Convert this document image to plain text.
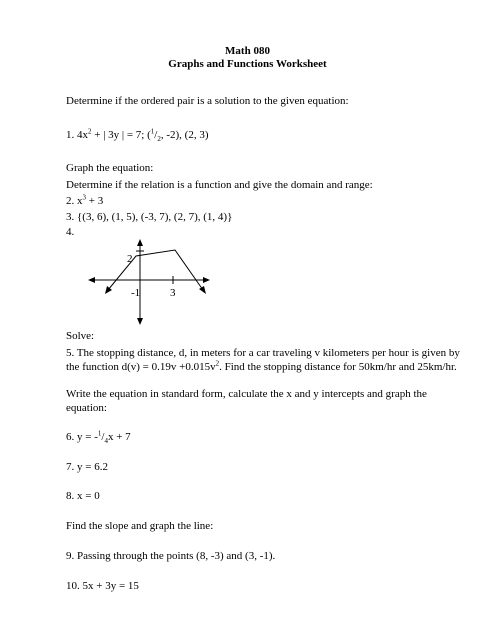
Math 080
Graphs and Functions Worksheet
Determine if the ordered pair is a solution to the given equation:
1. $4x^2$ + | 3y | = 7; ($^1/_2$, -2), (2, 3)
Graph the equation:
2. $x^3 + 3$
Determine if the relation is a function and give the domain and range:
3. {(3, 6), (1, 5), (-3, 7), (2, 7), (1, 4)}
4.
2
-1	3
Solve:
5. The stopping distance, d, in meters for a car traveling v kilometers per hour is given by
the function $d(v) = 0.19v +0.015v^2$. Find the stopping distance for 50km/hr and 25km/hr.
Write the equation in standard form, calculate the x and y intercepts and graph the
equation:
6. $y = -^1/_4x + 7$
7. y = 6.2
8. x = 0
Find the slope and graph the line:
9. Passing through the points (8, -3) and (3, -1).
10. 5x + 3y = 15
